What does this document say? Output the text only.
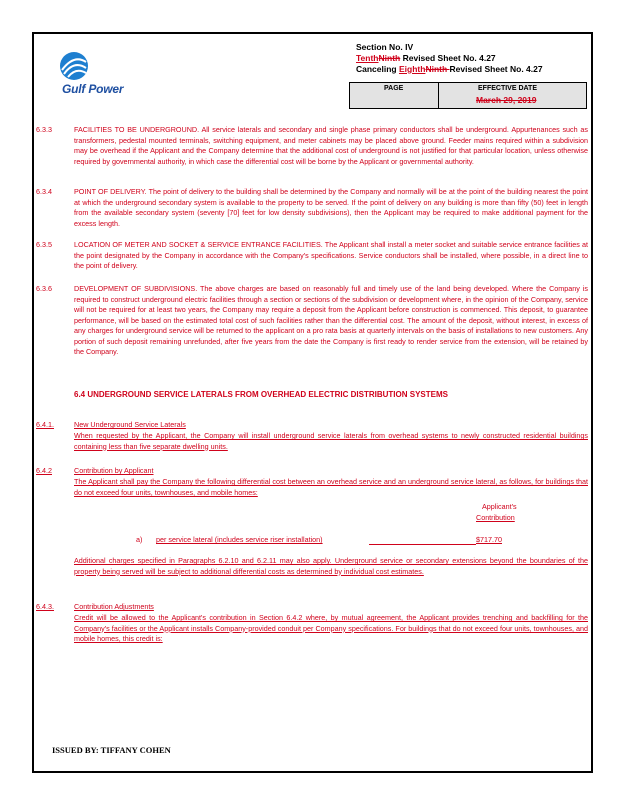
Gulf Power
Section No. IV
TenthNinth Revised Sheet No. 4.27
Canceling EighthNinth Revised Sheet No. 4.27
PAGE	EFFECTIVE DATE
March 29, 2019
6.3.3	FACILITIES TO BE UNDERGROUND. All service laterals and secondary and single phase primary conductors shall be underground. Appurtenances such as transformers, pedestal mounted terminals, switching equipment, and meter cabinets may be placed above ground. Feeder mains required within a subdivision may be overhead if the Applicant and the Company determine that the additional cost of underground is not justified for that particular location, unless otherwise required by governmental authority, in which case the differential cost will be borne by the Applicant or governmental authority.
6.3.4	POINT OF DELIVERY. The point of delivery to the building shall be determined by the Company and normally will be at the point of the building nearest the point at which the underground secondary system is available to the property to be served. If the point of delivery on any building is more than fifty (50) feet in length from the available secondary system (seventy [70] feet for low density subdivisions), then the Applicant may be required to make additional payment for the excess length.
6.3.5	LOCATION OF METER AND SOCKET & SERVICE ENTRANCE FACILITIES. The Applicant shall install a meter socket and suitable service entrance facilities at the point designated by the Company in accordance with the Company's specifications. Service conductors shall be installed, where possible, in a direct line to the point of delivery.
6.3.6	DEVELOPMENT OF SUBDIVISIONS. The above charges are based on reasonably full and timely use of the land being developed. Where the Company is required to construct underground electric facilities through a section or sections of the subdivision or development where, in the opinion of the Company, service will not be required for at least two years, the Company may require a deposit from the Applicant before construction is commenced. This deposit, to guarantee performance, will be based on the estimated total cost of such facilities rather than the differential cost. The amount of the deposit, without interest, in excess of any charges for underground service will be returned to the applicant on a pro rata basis at quarterly intervals on the basis of installations to new customers. Any portion of such deposit remaining unrefunded, after five years from the date the Company is first ready to render service from the extension, will be retained by the Company.
6.4 UNDERGROUND SERVICE LATERALS FROM OVERHEAD ELECTRIC DISTRIBUTION SYSTEMS
6.4.1.	New Underground Service Laterals
When requested by the Applicant, the Company will install underground service laterals from overhead systems to newly constructed residential buildings containing less than five separate dwelling units.
6.4.2	Contribution by Applicant
The Applicant shall pay the Company the following differential cost between an overhead service and an underground service lateral, as follows, for buildings that do not exceed four units, townhouses, and mobile homes:
Applicant's
Contribution
a) per service lateral (includes service riser installation)	$717.70
Additional charges specified in Paragraphs 6.2.10 and 6.2.11 may also apply. Underground service or secondary extensions beyond the boundaries of the property being served will be subject to additional differential costs as determined by individual cost estimates.
6.4.3.	Contribution Adjustments
Credit will be allowed to the Applicant's contribution in Section 6.4.2 where, by mutual agreement, the Applicant provides trenching and backfilling for the Company's facilities or the Applicant installs Company-provided conduit per Company specifications. For buildings that do not exceed four units, townhouses, and mobile homes, this credit is:
ISSUED BY: TIFFANY COHEN
